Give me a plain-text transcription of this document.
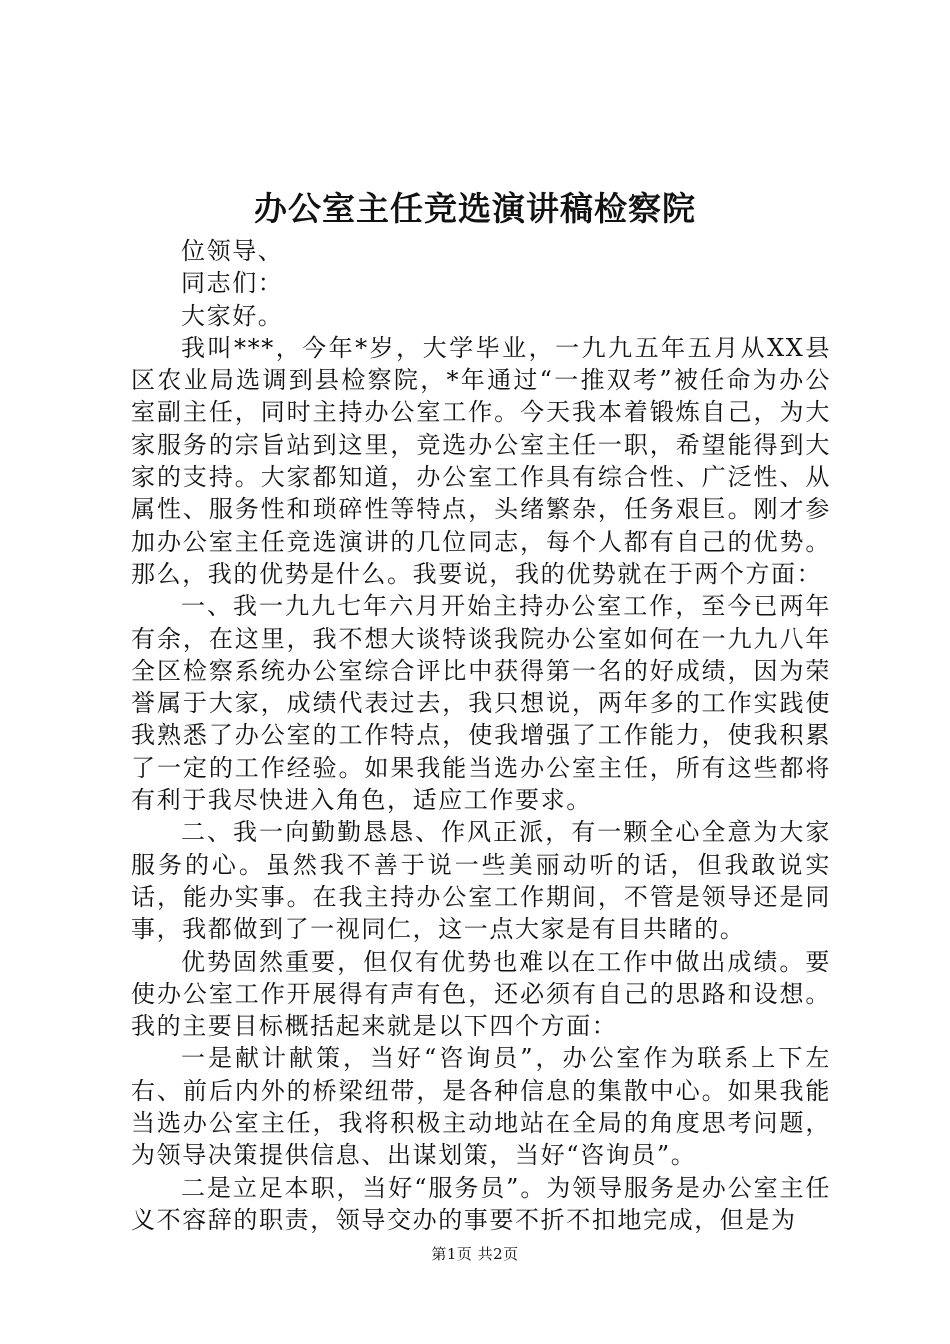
办公室主任竞选演讲稿检察院

位领导、

同志们：

大家好。

我叫***，今年*岁，大学毕业，一九九五年五月从XX县区农业局选调到县检察院，*年通过“一推双考”被任命为办公室副主任，同时主持办公室工作。今天我本着锻炼自己，为大家服务的宗旨站到这里，竞选办公室主任一职，希望能得到大家的支持。大家都知道，办公室工作具有综合性、广泛性、从属性、服务性和琐碎性等特点，头绪繁杂，任务艰巨。刚才参加办公室主任竞选演讲的几位同志，每个人都有自己的优势。那么，我的优势是什么。我要说，我的优势就在于两个方面：

一、我一九九七年六月开始主持办公室工作，至今已两年有余，在这里，我不想大谈特谈我院办公室如何在一九九八年全区检察系统办公室综合评比中获得第一名的好成绩，因为荣誉属于大家，成绩代表过去，我只想说，两年多的工作实践使我熟悉了办公室的工作特点，使我增强了工作能力，使我积累了一定的工作经验。如果我能当选办公室主任，所有这些都将有利于我尽快进入角色，适应工作要求。

二、我一向勤勤恳恳、作风正派，有一颗全心全意为大家服务的心。虽然我不善于说一些美丽动听的话，但我敢说实话，能办实事。在我主持办公室工作期间，不管是领导还是同事，我都做到了一视同仁，这一点大家是有目共睹的。

优势固然重要，但仅有优势也难以在工作中做出成绩。要使办公室工作开展得有声有色，还必须有自己的思路和设想。我的主要目标概括起来就是以下四个方面：

一是献计献策，当好“咨询员”，办公室作为联系上下左右、前后内外的桥梁纽带，是各种信息的集散中心。如果我能当选办公室主任，我将积极主动地站在全局的角度思考问题，为领导决策提供信息、出谋划策，当好“咨询员”。

二是立足本职，当好“服务员”。为领导服务是办公室主任义不容辞的职责，领导交办的事要不折不扣地完成，但是为

第1页 共2页
